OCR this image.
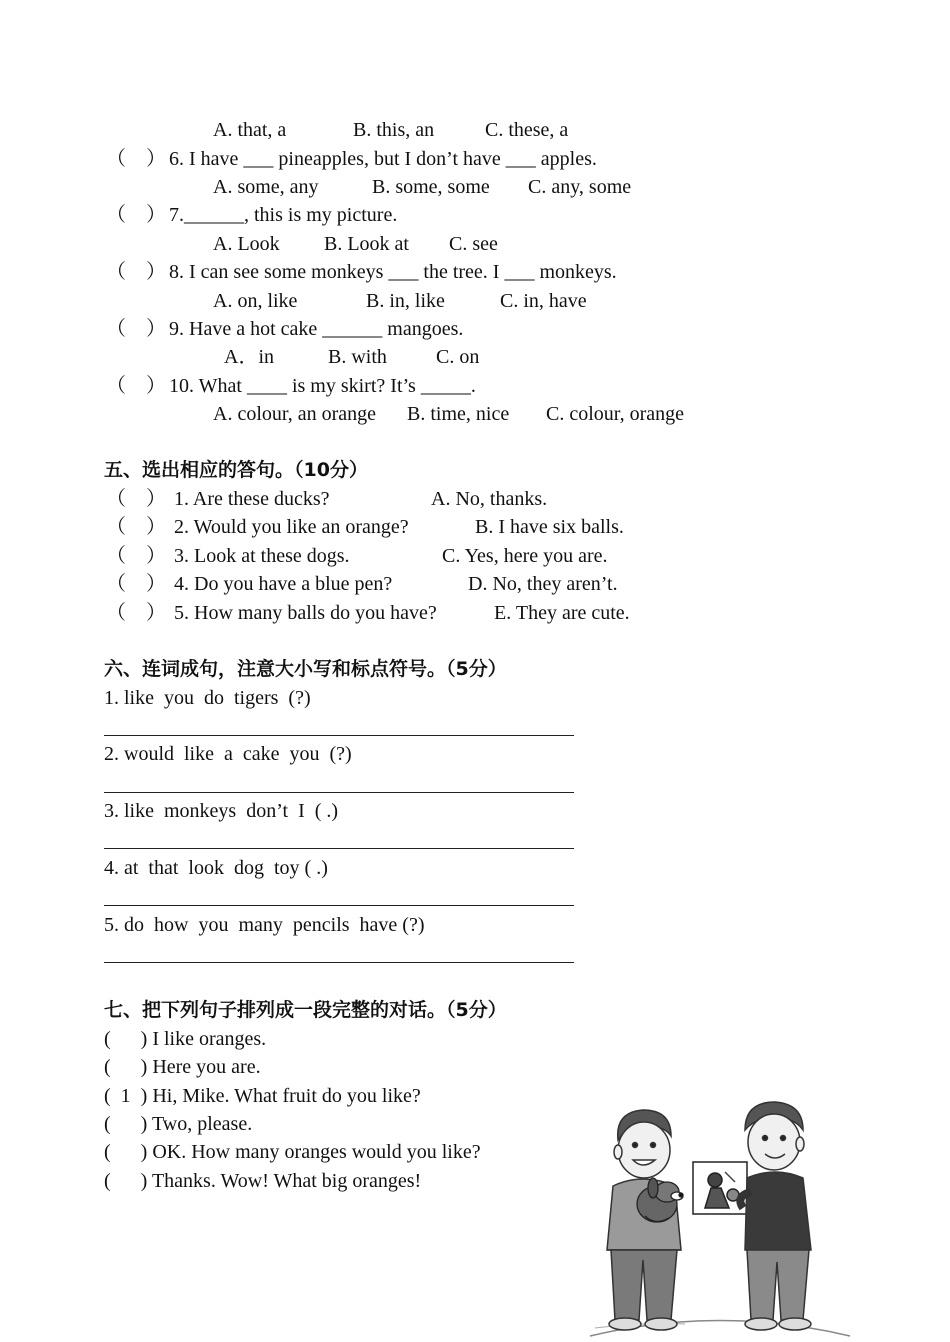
A. that, a	B. this, an	C. these, a
（    ） 6. I have ___ pineapples, but I don’t have ___ apples.
A. some, any	B. some, some C. any, some
（    ） 7.______, this is my picture.
A. Look B. Look at C. see
（    ） 8. I can see some monkeys ___ the tree. I ___ monkeys.
A. on, like	B. in, like	C. in, have
（    ） 9. Have a hot cake ______ mangoes.
A．in	B. with C. on
（    ） 10. What ____ is my skirt? It’s _____.
A. colour, an orange B. time, nice C. colour, orange
五、选出相应的答句。（10分）
（    ） 1. Are these ducks?	A. No, thanks.
（    ） 2. Would you like an orange?	B. I have six balls.
（    ） 3. Look at these dogs.	C. Yes, here you are.
（    ） 4. Do you have a blue pen?	D. No, they aren’t.
（    ） 5. How many balls do you have?	E. They are cute.
六、连词成句，注意大小写和标点符号。（5分）
1. like  you  do  tigers  (?)
2. would  like  a  cake  you  (?)
3. like  monkeys  don’t  I  ( .)
4. at  that  look  dog  toy ( .)
5. do  how  you  many  pencils  have (?)
七、把下列句子排列成一段完整的对话。（5分）
(      ) I like oranges.
(      ) Here you are.
(  1  ) Hi, Mike. What fruit do you like?
(      ) Two, please.
(      ) OK. How many oranges would you like?
(      ) Thanks. Wow! What big oranges!
